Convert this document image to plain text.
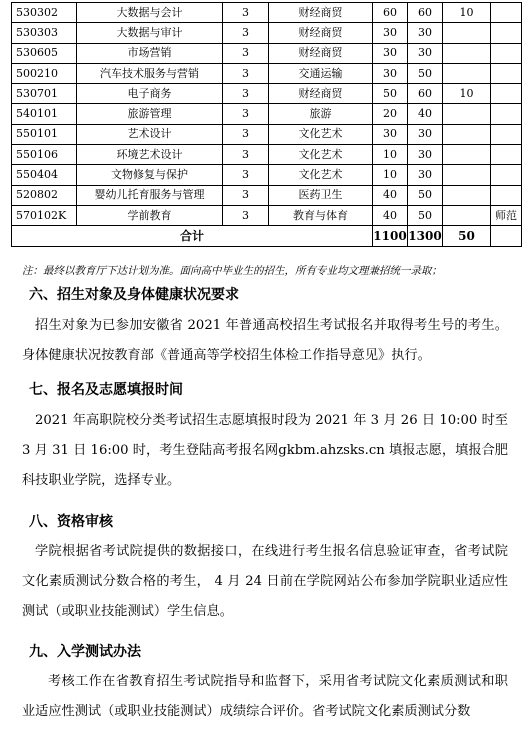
530302	大数据与会计	3	财经商贸	60	60	10	
530303	大数据与审计	3	财经商贸	30	30		
530605	市场营销	3	财经商贸	30	30		
500210	汽车技术服务与营销	3	交通运输	30	50		
530701	电子商务	3	财经商贸	50	60	10	
540101	旅游管理	3	旅游	20	40		
550101	艺术设计	3	文化艺术	30	30		
550106	环境艺术设计	3	文化艺术	10	30		
550404	文物修复与保护	3	文化艺术	10	30		
520802	婴幼儿托育服务与管理	3	医药卫生	40	50		
570102K	学前教育	3	教育与体育	40	50		师范
合计				1100	1300	50	
注：最终以教育厅下达计划为准。面向高中毕业生的招生，所有专业均文理兼招统一录取；
六、招生对象及身体健康状况要求
招生对象为已参加安徽省 2021 年普通高校招生考试报名并取得考生号的考生。身体健康状况按教育部《普通高等学校招生体检工作指导意见》执行。
七、报名及志愿填报时间
2021 年高职院校分类考试招生志愿填报时段为 2021 年 3 月 26 日 10:00 时至 3 月 31 日 16:00 时，考生登陆高考报名网gkbm.ahzsks.cn 填报志愿，填报合肥科技职业学院，选择专业。
八、资格审核
学院根据省考试院提供的数据接口，在线进行考生报名信息验证审查，省考试院文化素质测试分数合格的考生， 4 月 24 日前在学院网站公布参加学院职业适应性测试（或职业技能测试）学生信息。
九、入学测试办法
考核工作在省教育招生考试院指导和监督下，采用省考试院文化素质测试和职业适应性测试（或职业技能测试）成绩综合评价。省考试院文化素质测试分数
